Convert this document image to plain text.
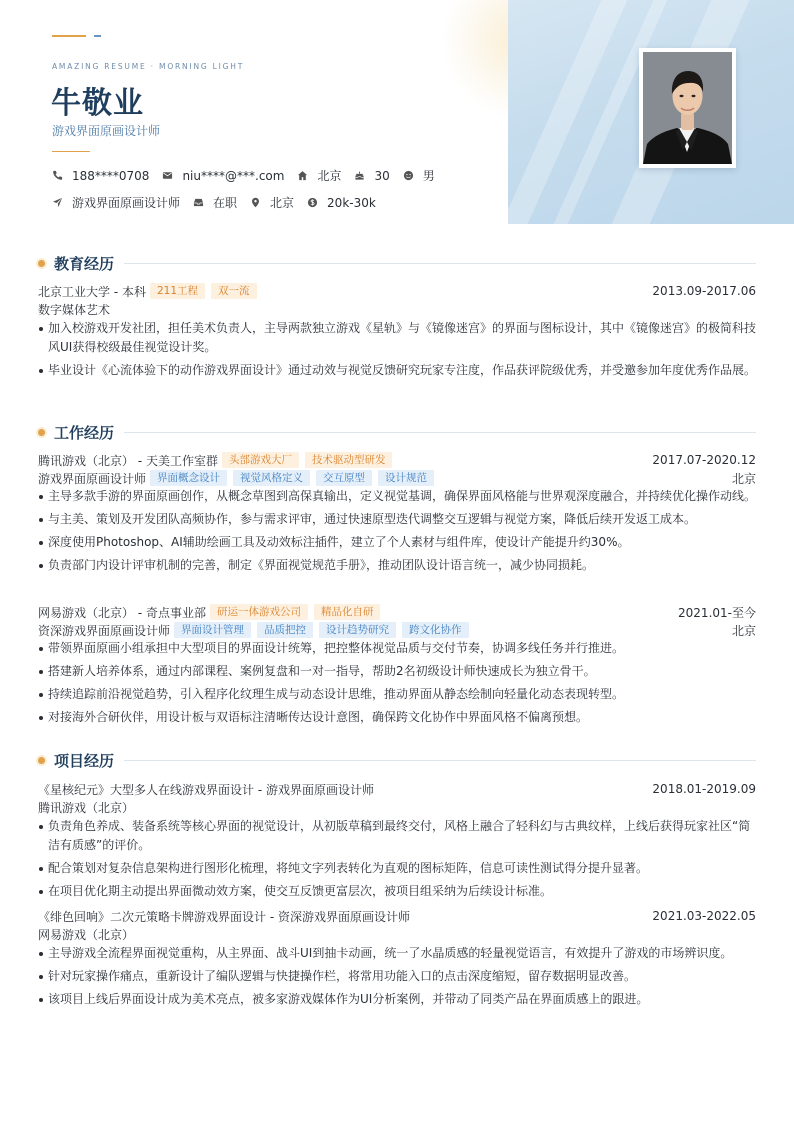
AMAZING RESUME · MORNING LIGHT
牛敬业
游戏界面原画设计师
188****0708	niu****@***.com	北京	30	男
游戏界面原画设计师	在职	北京	20k-30k
教育经历
北京工业大学 - 本科	211工程	双一流	2013.09-2017.06
数字媒体艺术
加入校游戏开发社团，担任美术负责人，主导两款独立游戏《星轨》与《镜像迷宫》的界面与图标设计，其中《镜像迷宫》的极简科技风UI获得校级最佳视觉设计奖。
毕业设计《心流体验下的动作游戏界面设计》通过动效与视觉反馈研究玩家专注度，作品获评院级优秀，并受邀参加年度优秀作品展。
工作经历
腾讯游戏（北京） - 天美工作室群	头部游戏大厂	技术驱动型研发	2017.07-2020.12
游戏界面原画设计师	界面概念设计	视觉风格定义	交互原型	设计规范	北京
主导多款手游的界面原画创作，从概念草图到高保真输出，定义视觉基调，确保界面风格能与世界观深度融合，并持续优化操作动线。
与主美、策划及开发团队高频协作，参与需求评审，通过快速原型迭代调整交互逻辑与视觉方案，降低后续开发返工成本。
深度使用Photoshop、AI辅助绘画工具及动效标注插件，建立了个人素材与组件库，使设计产能提升约30%。
负责部门内设计评审机制的完善，制定《界面视觉规范手册》，推动团队设计语言统一，减少协同损耗。
网易游戏（北京） - 奇点事业部	研运一体游戏公司	精品化自研	2021.01-至今
资深游戏界面原画设计师	界面设计管理	品质把控	设计趋势研究	跨文化协作	北京
带领界面原画小组承担中大型项目的界面设计统筹，把控整体视觉品质与交付节奏，协调多线任务并行推进。
搭建新人培养体系，通过内部课程、案例复盘和一对一指导，帮助2名初级设计师快速成长为独立骨干。
持续追踪前沿视觉趋势，引入程序化纹理生成与动态设计思维，推动界面从静态绘制向轻量化动态表现转型。
对接海外合研伙伴，用设计板与双语标注清晰传达设计意图，确保跨文化协作中界面风格不偏离预想。
项目经历
《星核纪元》大型多人在线游戏界面设计 - 游戏界面原画设计师	2018.01-2019.09
腾讯游戏（北京）
负责角色养成、装备系统等核心界面的视觉设计，从初版草稿到最终交付，风格上融合了轻科幻与古典纹样，上线后获得玩家社区“简洁有质感”的评价。
配合策划对复杂信息架构进行图形化梳理，将纯文字列表转化为直观的图标矩阵，信息可读性测试得分提升显著。
在项目优化期主动提出界面微动效方案，使交互反馈更富层次，被项目组采纳为后续设计标准。
《绯色回响》二次元策略卡牌游戏界面设计 - 资深游戏界面原画设计师	2021.03-2022.05
网易游戏（北京）
主导游戏全流程界面视觉重构，从主界面、战斗UI到抽卡动画，统一了水晶质感的轻量视觉语言，有效提升了游戏的市场辨识度。
针对玩家操作痛点，重新设计了编队逻辑与快捷操作栏，将常用功能入口的点击深度缩短，留存数据明显改善。
该项目上线后界面设计成为美术亮点，被多家游戏媒体作为UI分析案例，并带动了同类产品在界面质感上的跟进。
